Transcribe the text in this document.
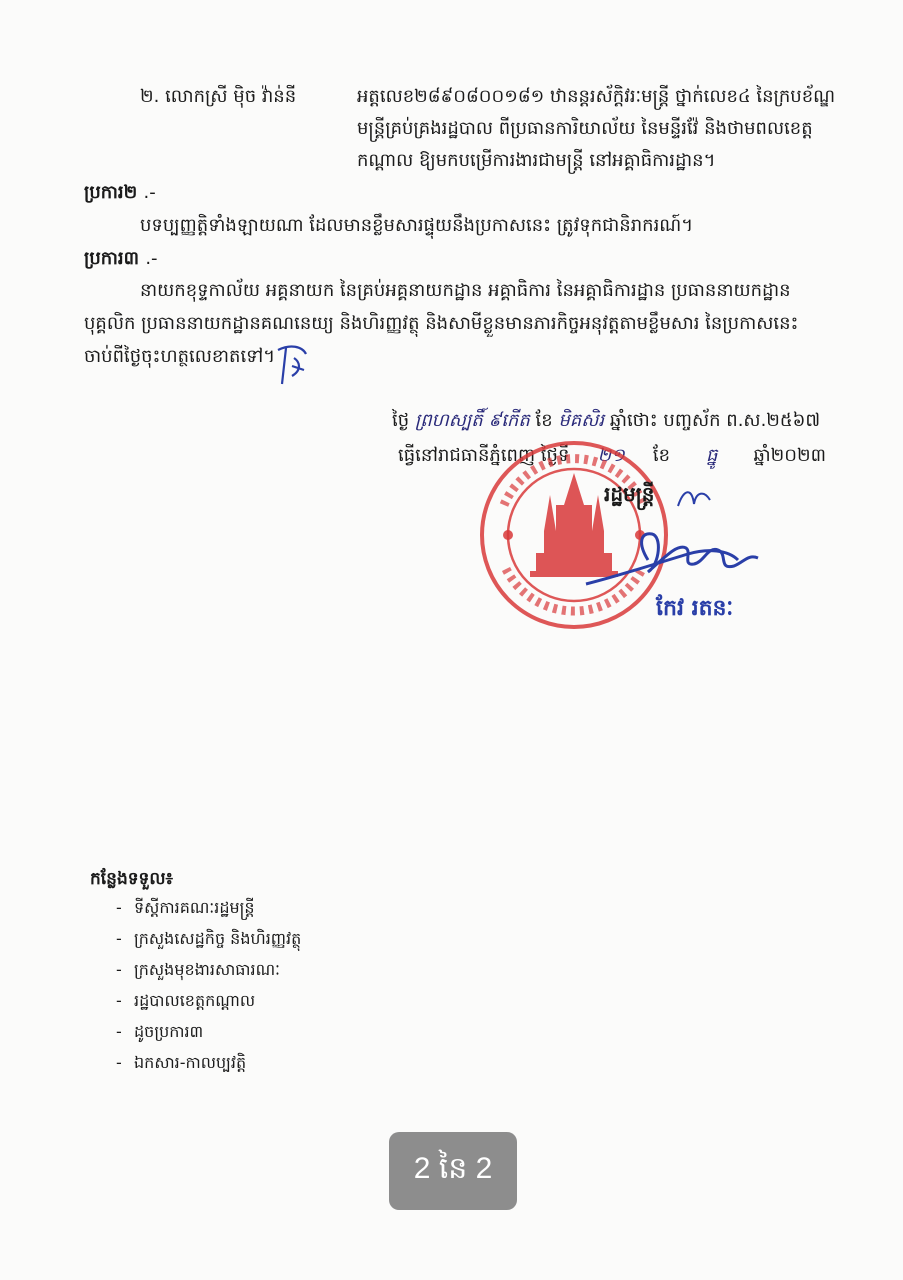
២. លោកស្រី មុិច វ៉ាន់នី	អត្តលេខ២៨៩០៨០០១៨១ ឋានន្តរស័ក្តិវរៈមន្ត្រី ថ្នាក់លេខ៤ នៃក្របខ័ណ្ឌ
មន្ត្រីគ្រប់គ្រងរដ្ឋបាល ពីប្រធានការិយាល័យ នៃមន្ទីរវ៉ែ និងថាមពលខេត្ត
កណ្តាល ឱ្យមកបម្រើការងារជាមន្ត្រី នៅអគ្គាធិការដ្ឋាន។
ប្រការ២ .-
បទប្បញ្ញត្តិទាំងឡាយណា ដែលមានខ្លឹមសារផ្ទុយនឹងប្រកាសនេះ ត្រូវទុកជានិរាករណ៍។
ប្រការ៣ .-
នាយកខុទ្ទកាល័យ អគ្គនាយក នៃគ្រប់អគ្គនាយកដ្ឋាន អគ្គាធិការ នៃអគ្គាធិការដ្ឋាន ប្រធាននាយកដ្ឋាន
បុគ្គលិក ប្រធាននាយកដ្ឋានគណនេយ្យ និងហិរញ្ញវត្ថុ និងសាមីខ្លួនមានភារកិច្ចអនុវត្តតាមខ្លឹមសារ នៃប្រកាសនេះ
ចាប់ពីថ្ងៃចុះហត្ថលេខាតទៅ។
ថ្ងៃ ព្រហស្បតិ៍ ៩កើត ខែ មិគសិរ ឆ្នាំថោះ បញ្ចស័ក ព.ស.២៥៦៧
ធ្វើនៅរាជធានីភ្នំពេញ ថ្ងៃទី ២១ ខែ ធ្នូ ឆ្នាំ២០២៣
រដ្ឋមន្ត្រី
កែវ រតនៈ
កន្លែងទទួល៖
- ទីស្តីការគណៈរដ្ឋមន្ត្រី
- ក្រសួងសេដ្ឋកិច្ច និងហិរញ្ញវត្ថុ
- ក្រសួងមុខងារសាធារណៈ
- រដ្ឋបាលខេត្តកណ្តាល
- ដូចប្រការ៣
- ឯកសារ-កាលប្បវត្តិ
2 នៃ 2
